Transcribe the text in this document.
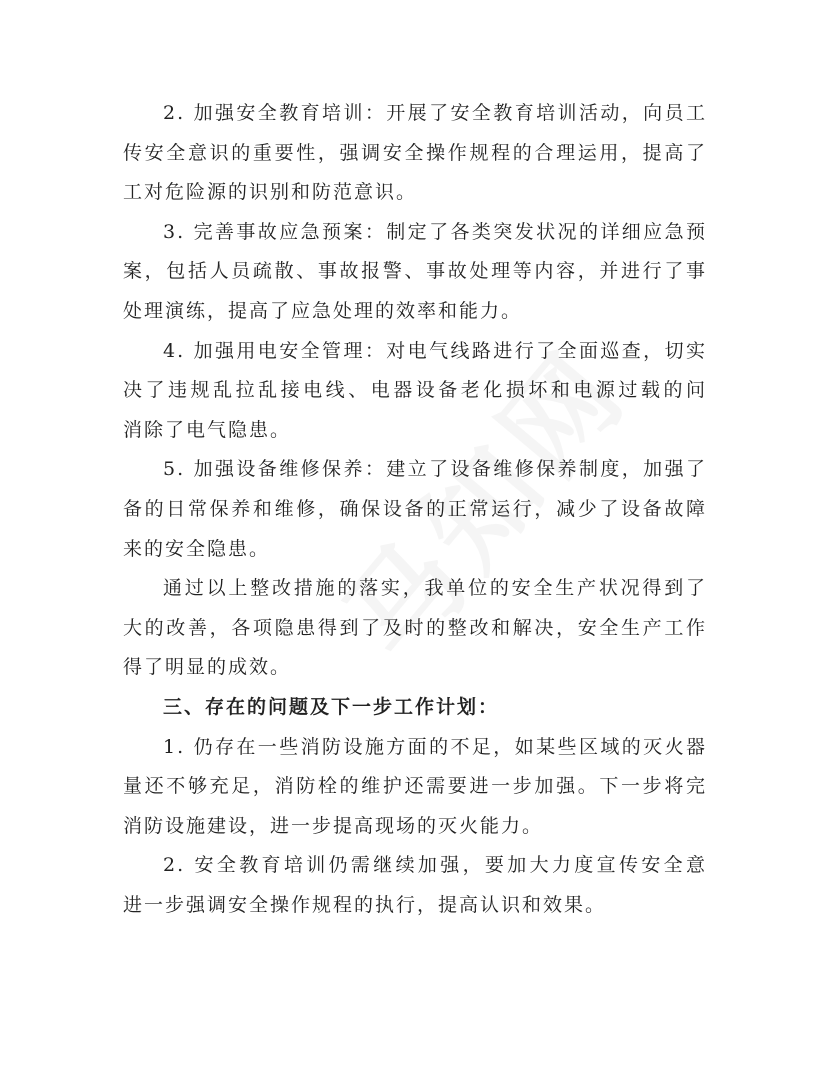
2. 加强安全教育培训：开展了安全教育培训活动，向员工
传安全意识的重要性，强调安全操作规程的合理运用，提高了
工对危险源的识别和防范意识。
3. 完善事故应急预案：制定了各类突发状况的详细应急预
案，包括人员疏散、事故报警、事故处理等内容，并进行了事
处理演练，提高了应急处理的效率和能力。
4. 加强用电安全管理：对电气线路进行了全面巡查，切实
决了违规乱拉乱接电线、电器设备老化损坏和电源过载的问
消除了电气隐患。
5. 加强设备维修保养：建立了设备维修保养制度，加强了
备的日常保养和维修，确保设备的正常运行，减少了设备故障
来的安全隐患。
通过以上整改措施的落实，我单位的安全生产状况得到了
大的改善，各项隐患得到了及时的整改和解决，安全生产工作
得了明显的成效。
三、存在的问题及下一步工作计划：
1. 仍存在一些消防设施方面的不足，如某些区域的灭火器
量还不够充足，消防栓的维护还需要进一步加强。下一步将完
消防设施建设，进一步提高现场的灭火能力。
2. 安全教育培训仍需继续加强，要加大力度宣传安全意
进一步强调安全操作规程的执行，提高认识和效果。
